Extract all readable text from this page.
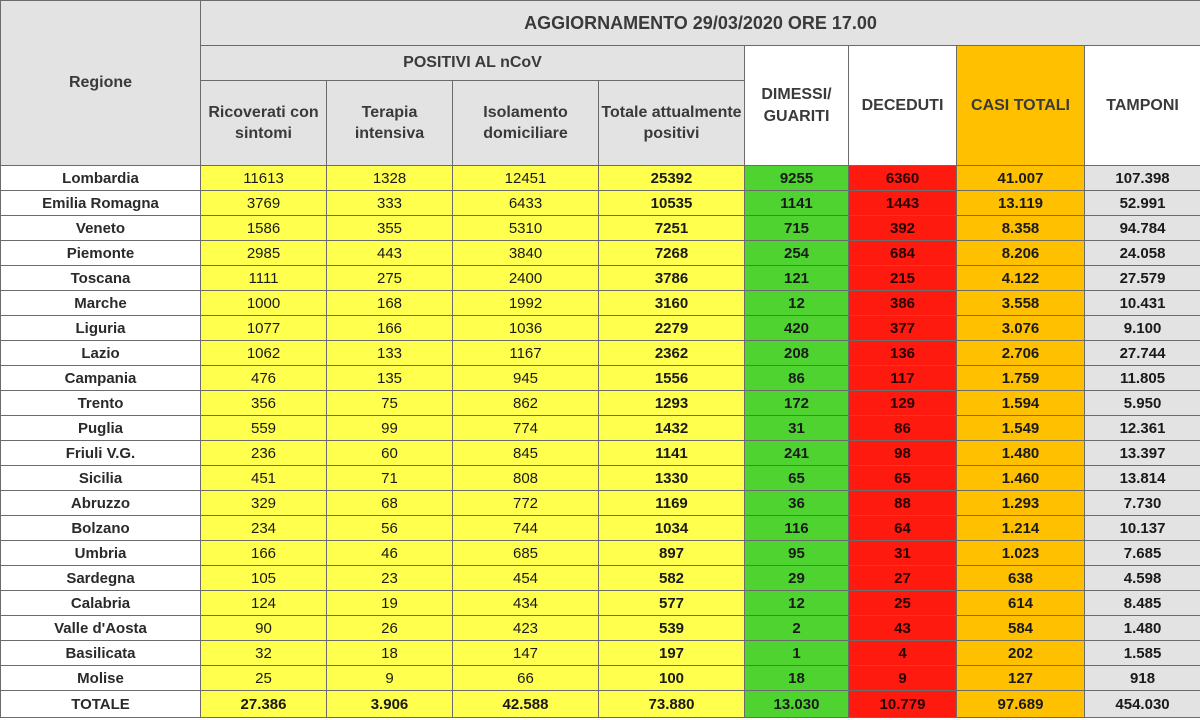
Regione	AGGIORNAMENTO 29/03/2020 ORE 17.00							
	POSITIVI AL nCoV				DIMESSI/ GUARITI	DECEDUTI	CASI TOTALI	TAMPONI
	Ricoverati con sintomi	Terapia intensiva	Isolamento domiciliare	Totale attualmente positivi				
Lombardia	11613	1328	12451	25392	9255	6360	41.007	107.398
Emilia Romagna	3769	333	6433	10535	1141	1443	13.119	52.991
Veneto	1586	355	5310	7251	715	392	8.358	94.784
Piemonte	2985	443	3840	7268	254	684	8.206	24.058
Toscana	1111	275	2400	3786	121	215	4.122	27.579
Marche	1000	168	1992	3160	12	386	3.558	10.431
Liguria	1077	166	1036	2279	420	377	3.076	9.100
Lazio	1062	133	1167	2362	208	136	2.706	27.744
Campania	476	135	945	1556	86	117	1.759	11.805
Trento	356	75	862	1293	172	129	1.594	5.950
Puglia	559	99	774	1432	31	86	1.549	12.361
Friuli V.G.	236	60	845	1141	241	98	1.480	13.397
Sicilia	451	71	808	1330	65	65	1.460	13.814
Abruzzo	329	68	772	1169	36	88	1.293	7.730
Bolzano	234	56	744	1034	116	64	1.214	10.137
Umbria	166	46	685	897	95	31	1.023	7.685
Sardegna	105	23	454	582	29	27	638	4.598
Calabria	124	19	434	577	12	25	614	8.485
Valle d'Aosta	90	26	423	539	2	43	584	1.480
Basilicata	32	18	147	197	1	4	202	1.585
Molise	25	9	66	100	18	9	127	918
TOTALE	27.386	3.906	42.588	73.880	13.030	10.779	97.689	454.030
